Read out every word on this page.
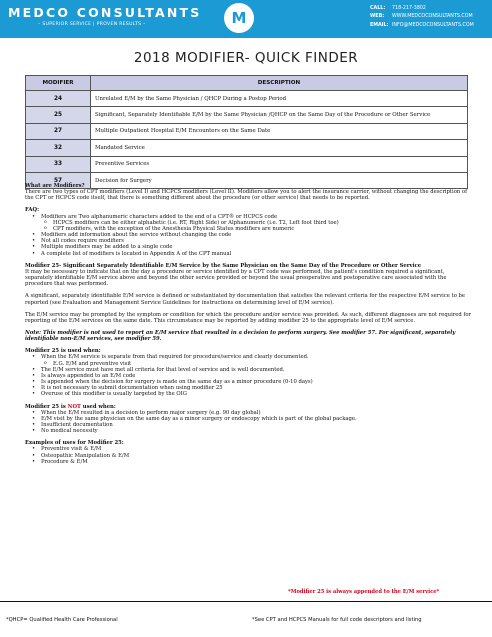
MEDCO CONSULTANTS
– SUPERIOR SERVICE | PROVEN RESULTS –	M
CALL: 718-217-3802
WEB: WWW.MEDCOCONSULTANTS.COM
EMAIL: INFO@MEDCOCONSULTANTS.COM
2018 MODIFIER- QUICK FINDER
MODIFIER	DESCRIPTION
24	Unrelated E/M by the Same Physician / QHCP During a Postop Period
25	Significant, Separately Identifiable E/M by the Same Physician /QHCP on the Same Day of the Procedure or Other Service
27	Multiple Outpatient Hospital E/M Encounters on the Same Date
32	Mandated Service
33	Preventive Services
57	Decision for Surgery

What are Modifiers?

There are two types of CPT modifiers (Level I) and HCPCS modifiers (Level II). Modifiers allow you to alert the insurance carrier, without changing the description of the CPT or HCPCS code itself, that there is something different about the procedure (or other service) that needs to be reported.

FAQ:

• Modifiers are Two alphanumeric characters added to the end of a CPT® or HCPCS code
o HCPCS modifiers can be either alphabetic (i.e. RT, Right Side) or Alphanumeric (i.e. T2, Left foot third toe)
o CPT modifiers, with the exception of the Anesthesia Physical Status modifiers are numeric
• Modifiers add information about the service without changing the code
• Not all codes require modifiers
• Multiple modifiers may be added to a single code
• A complete list of modifiers is located in Appendix A of the CPT manual

Modifier 25- Significant Separately Identifiable E/M Service by the Same Physician on the Same Day of the Procedure or Other Service

It may be necessary to indicate that on the day a procedure or service identified by a CPT code was performed, the patient's condition required a significant, separately identifiable E/M service above and beyond the other service provided or beyond the usual preoperative and postoperative care associated with the procedure that was performed.

A significant, separately identifiable E/M service is defined or substantiated by documentation that satisfies the relevant criteria for the respective E/M service to be reported (see Evaluation and Management Service Guidelines for instructions on determining level of E/M service).

The E/M service may be prompted by the symptom or condition for which the procedure and/or service was provided. As such, different diagnoses are not required for reporting of the E/M services on the same date. This circumstance may be reported by adding modifier 25 to the appropriate level of E/M service.

Note: This modifier is not used to report an E/M service that resulted in a decision to perform surgery. See modifier 57. For significant, separately identifiable non-E/M services, see modifier 59.

Modifier 25 is used when:

• When the E/M service is separate from that required for procedure/service and clearly documented.
o E.G. E/M and preventive visit
• The E/M service must have met all criteria for that level of service and is well documented.
• Is always appended to an E/M code
• Is appended when the decision for surgery is made on the same day as a minor procedure (0-10 days)
• It is not necessary to submit documentation when using modifier 25
• Overuse of this modifier is usually targeted by the OIG

Modifier 25 is NOT used when:

• When the E/M resulted in a decision to perform major surgery (e.g. 90 day global)
• E/M visit by the same physician on the same day as a minor surgery or endoscopy which is part of the global package.
• Insufficient documentation
• No medical necessity

Examples of uses for Modifier 25:

• Preventive visit & E/M
• Osteopathic Manipulation & E/M
• Procedure & E/M
*Modifier 25 is always appended to the E/M service*
*QHCP= Qualified Health Care Professional	*See CPT and HCPCS Manuals for full code descriptors and listing
